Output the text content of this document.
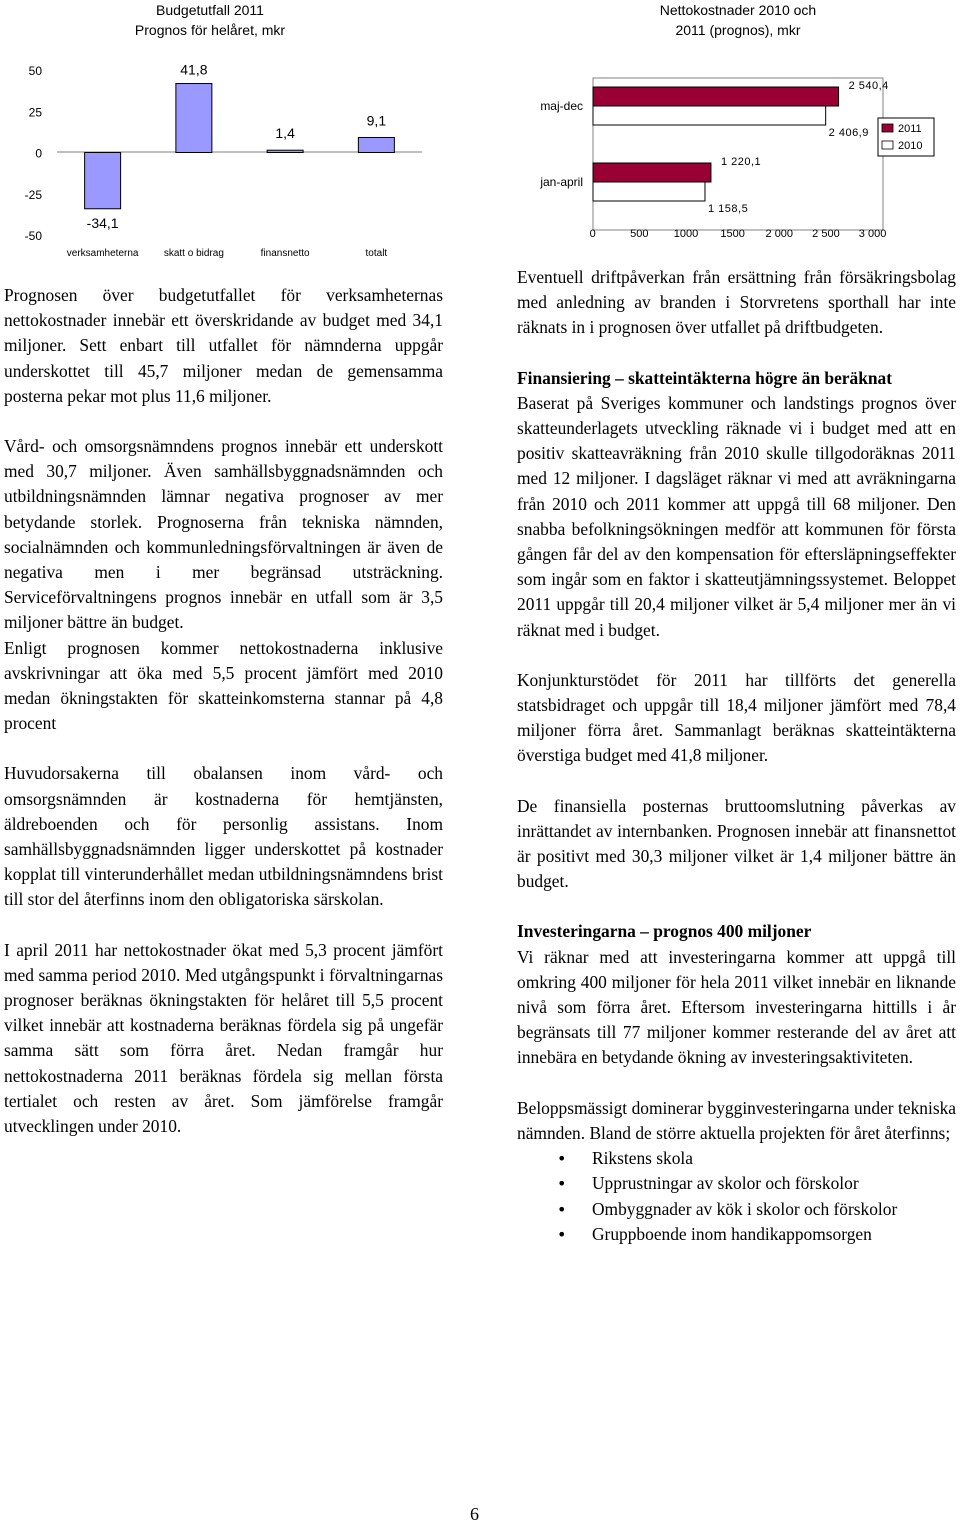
Budgetutfall 2011
Prognos för helåret, mkr
50
25
0
-25
-50
-34,1
41,8
1,4
9,1
verksamheterna	skatt o bidrag	finansnetto	totalt
Nettokostnader 2010 och
2011 (prognos), mkr
maj-dec
jan-april
2 540,4
2 406,9
1 220,1
1 158,5
0	500 1000 1500 2 000 2 500 3 000
2011
2010

Prognosen över budgetutfallet för verksamheternas nettokostnader innebär ett överskridande av budget med 34,1 miljoner. Sett enbart till utfallet för nämnderna uppgår underskottet till 45,7 miljoner medan de gemensamma posterna pekar mot plus 11,6 miljoner.

Vård- och omsorgsnämndens prognos innebär ett underskott med 30,7 miljoner. Även samhällsbyggnadsnämnden och utbildningsnämnden lämnar negativa prognoser av mer betydande storlek. Prognoserna från tekniska nämnden, socialnämnden och kommunledningsförvaltningen är även de negativa men i mer begränsad utsträckning. Serviceförvaltningens prognos innebär en utfall som är 3,5 miljoner bättre än budget.

Enligt prognosen kommer nettokostnaderna inklusive avskrivningar att öka med 5,5 procent jämfört med 2010 medan ökningstakten för skatteinkomsterna stannar på 4,8 procent

Huvudorsakerna till obalansen inom vård- och omsorgsnämnden är kostnaderna för hemtjänsten, äldreboenden och för personlig assistans. Inom samhällsbyggnadsnämnden ligger underskottet på kostnader kopplat till vinterunderhållet medan utbildningsnämndens brist till stor del återfinns inom den obligatoriska särskolan.

I april 2011 har nettokostnader ökat med 5,3 procent jämfört med samma period 2010. Med utgångspunkt i förvaltningarnas prognoser beräknas ökningstakten för helåret till 5,5 procent vilket innebär att kostnaderna beräknas fördela sig på ungefär samma sätt som förra året. Nedan framgår hur nettokostnaderna 2011 beräknas fördela sig mellan första tertialet och resten av året. Som jämförelse framgår utvecklingen under 2010.

Eventuell driftpåverkan från ersättning från försäkringsbolag med anledning av branden i Storvretens sporthall har inte räknats in i prognosen över utfallet på driftbudgeten.

Finansiering – skatteintäkterna högre än beräknat

Baserat på Sveriges kommuner och landstings prognos över skatteunderlagets utveckling räknade vi i budget med att en positiv skatteavräkning från 2010 skulle tillgodoräknas 2011 med 12 miljoner. I dagsläget räknar vi med att avräkningarna från 2010 och 2011 kommer att uppgå till 68 miljoner. Den snabba befolkningsökningen medför att kommunen för första gången får del av den kompensation för eftersläpningseffekter som ingår som en faktor i skatteutjämningssystemet. Beloppet 2011 uppgår till 20,4 miljoner vilket är 5,4 miljoner mer än vi räknat med i budget.

Konjunkturstödet för 2011 har tillförts det generella statsbidraget och uppgår till 18,4 miljoner jämfört med 78,4 miljoner förra året. Sammanlagt beräknas skatteintäkterna överstiga budget med 41,8 miljoner.

De finansiella posternas bruttoomslutning påverkas av inrättandet av internbanken. Prognosen innebär att finansnettot är positivt med 30,3 miljoner vilket är 1,4 miljoner bättre än budget.

Investeringarna – prognos 400 miljoner

Vi räknar med att investeringarna kommer att uppgå till omkring 400 miljoner för hela 2011 vilket innebär en liknande nivå som förra året. Eftersom investeringarna hittills i år begränsats till 77 miljoner kommer resterande del av året att innebära en betydande ökning av investeringsaktiviteten.

Beloppsmässigt dominerar bygginvesteringarna under tekniska nämnden. Bland de större aktuella projekten för året återfinns;

• Rikstens skola
• Upprustningar av skolor och förskolor
• Ombyggnader av kök i skolor och förskolor
• Gruppboende inom handikappomsorgen
6
